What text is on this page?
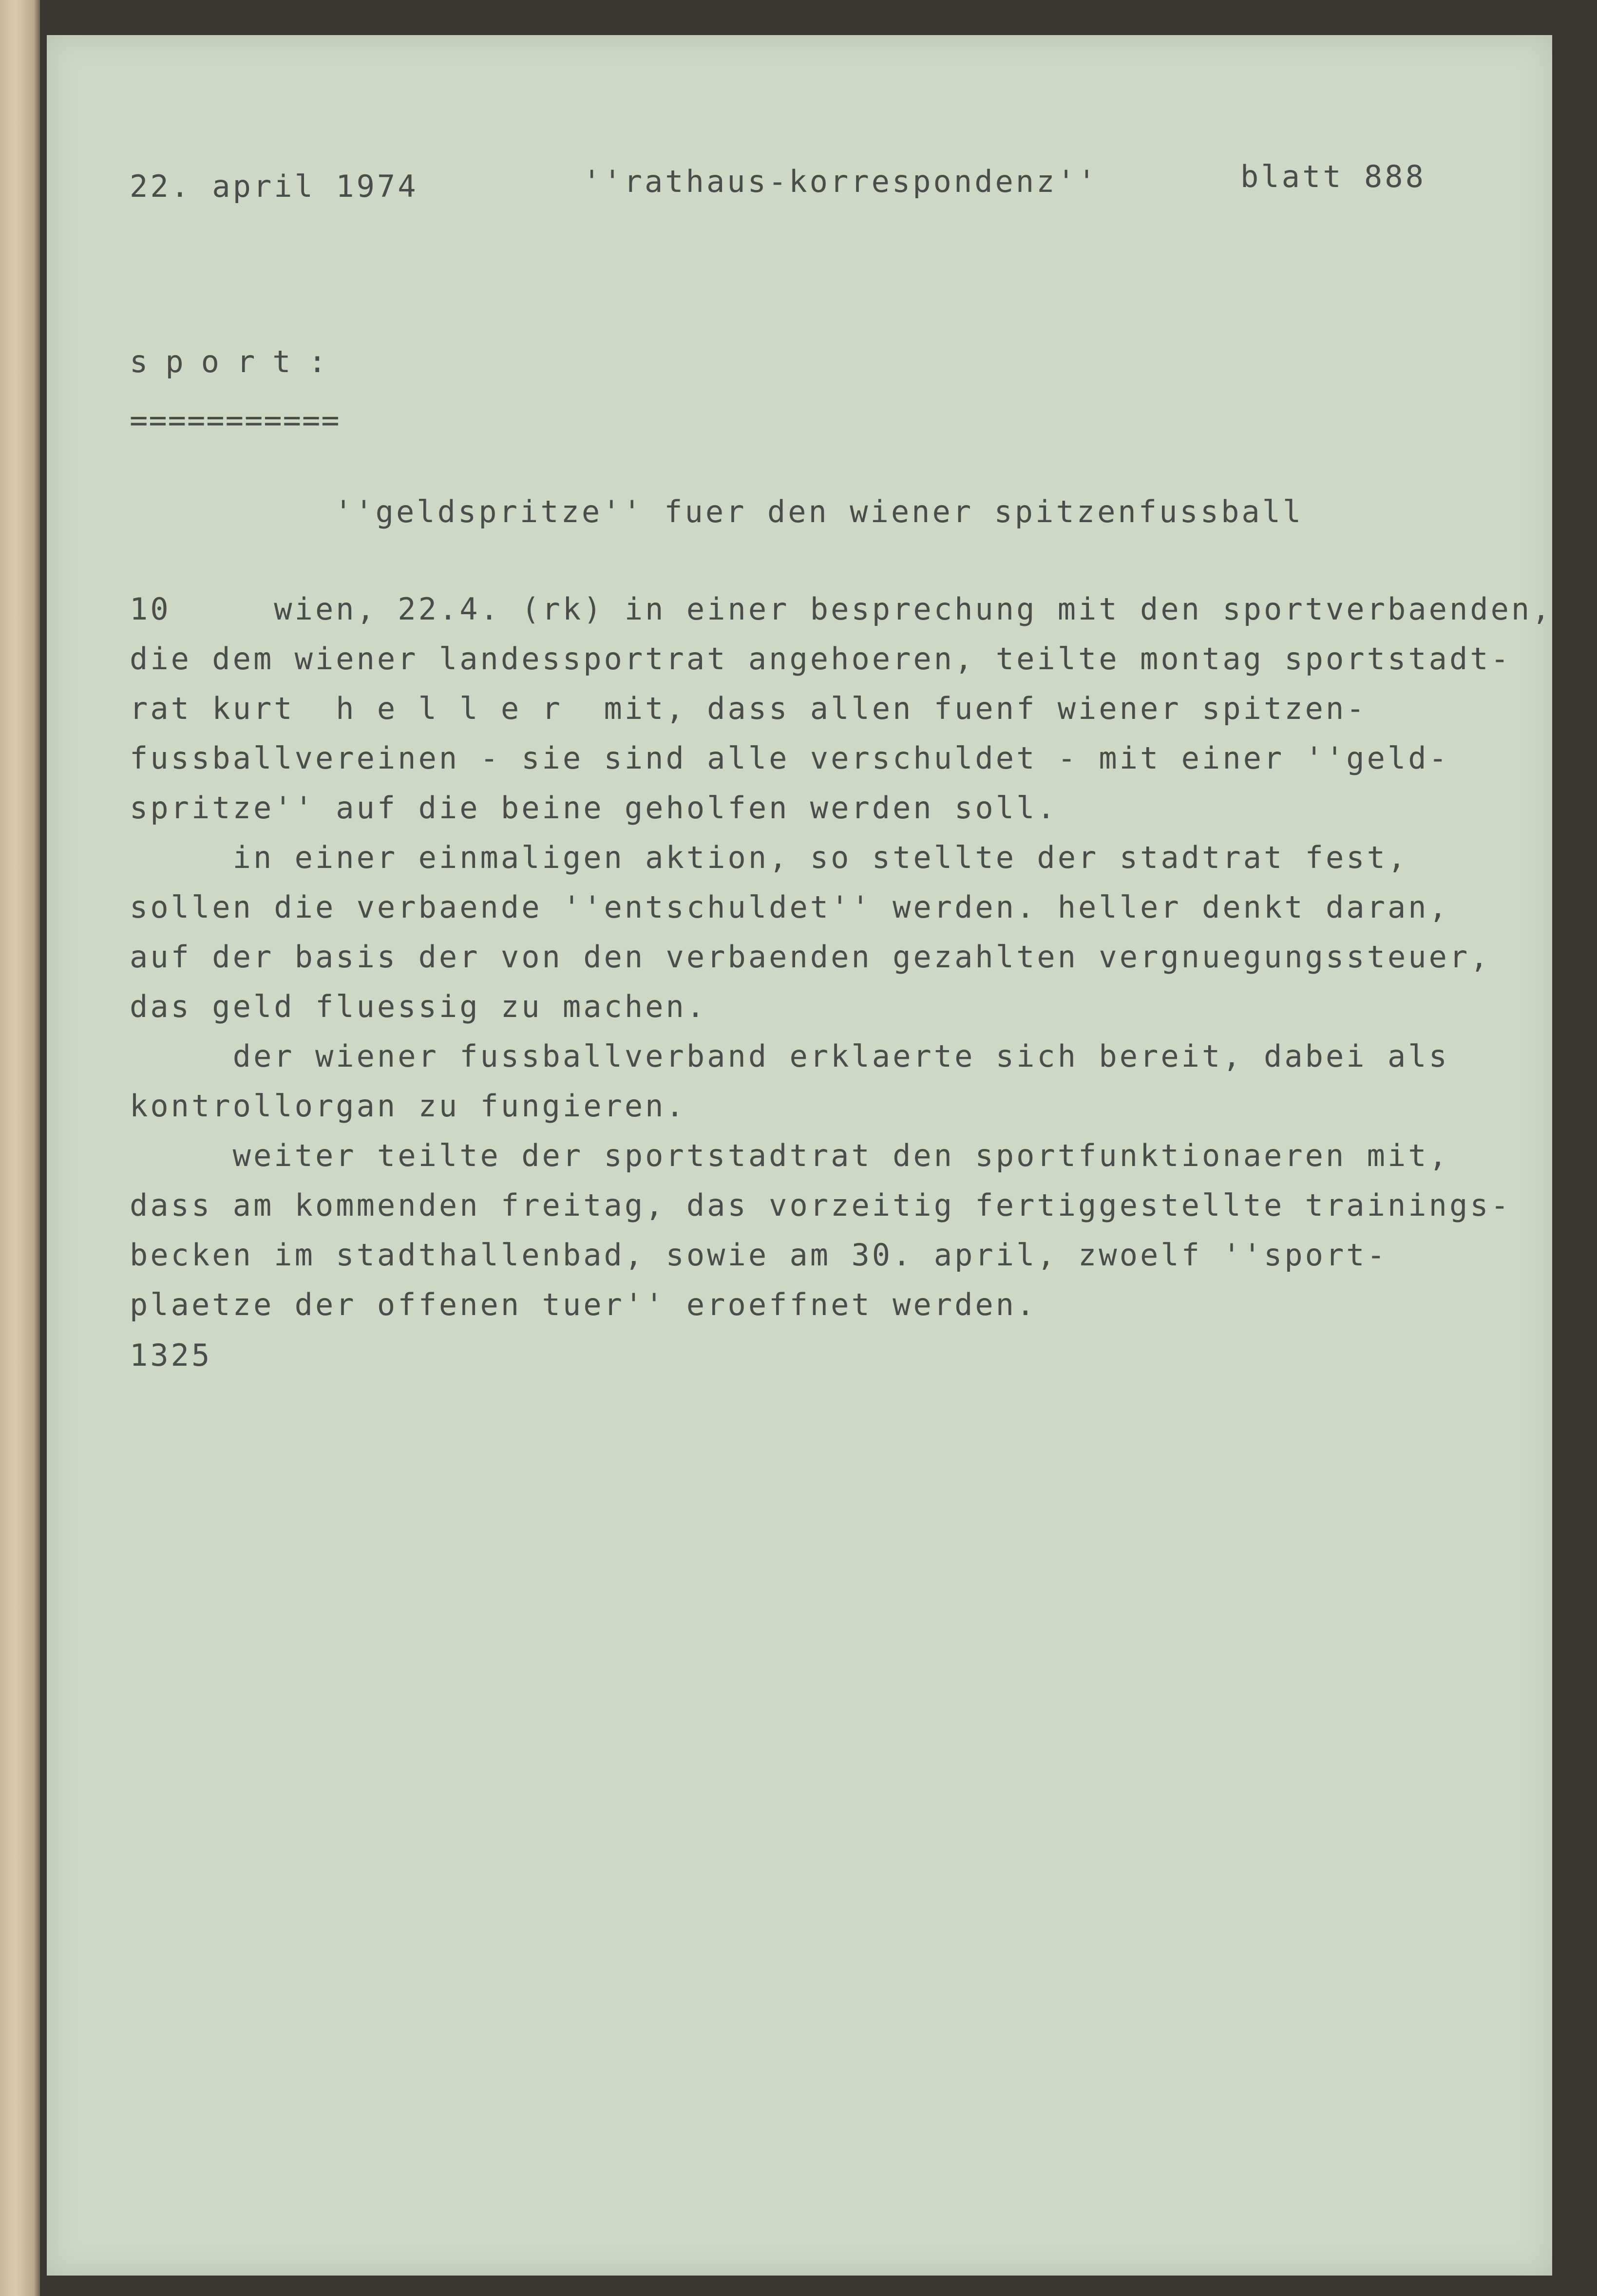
22. april 1974	''rathaus-korrespondenz''	blatt 888
sport:
===========
''geldspritze'' fuer den wiener spitzenfussball
10     wien, 22.4. (rk) in einer besprechung mit den sportverbaenden,
die dem wiener landessportrat angehoeren, teilte montag sportstadt-
rat kurt  h e l l e r  mit, dass allen fuenf wiener spitzen-
fussballvereinen - sie sind alle verschuldet - mit einer ''geld-
spritze'' auf die beine geholfen werden soll.
in einer einmaligen aktion, so stellte der stadtrat fest,
sollen die verbaende ''entschuldet'' werden. heller denkt daran,
auf der basis der von den verbaenden gezahlten vergnuegungssteuer,
das geld fluessig zu machen.
der wiener fussballverband erklaerte sich bereit, dabei als
kontrollorgan zu fungieren.
weiter teilte der sportstadtrat den sportfunktionaeren mit,
dass am kommenden freitag, das vorzeitig fertiggestellte trainings-
becken im stadthallenbad, sowie am 30. april, zwoelf ''sport-
plaetze der offenen tuer'' eroeffnet werden.
1325
